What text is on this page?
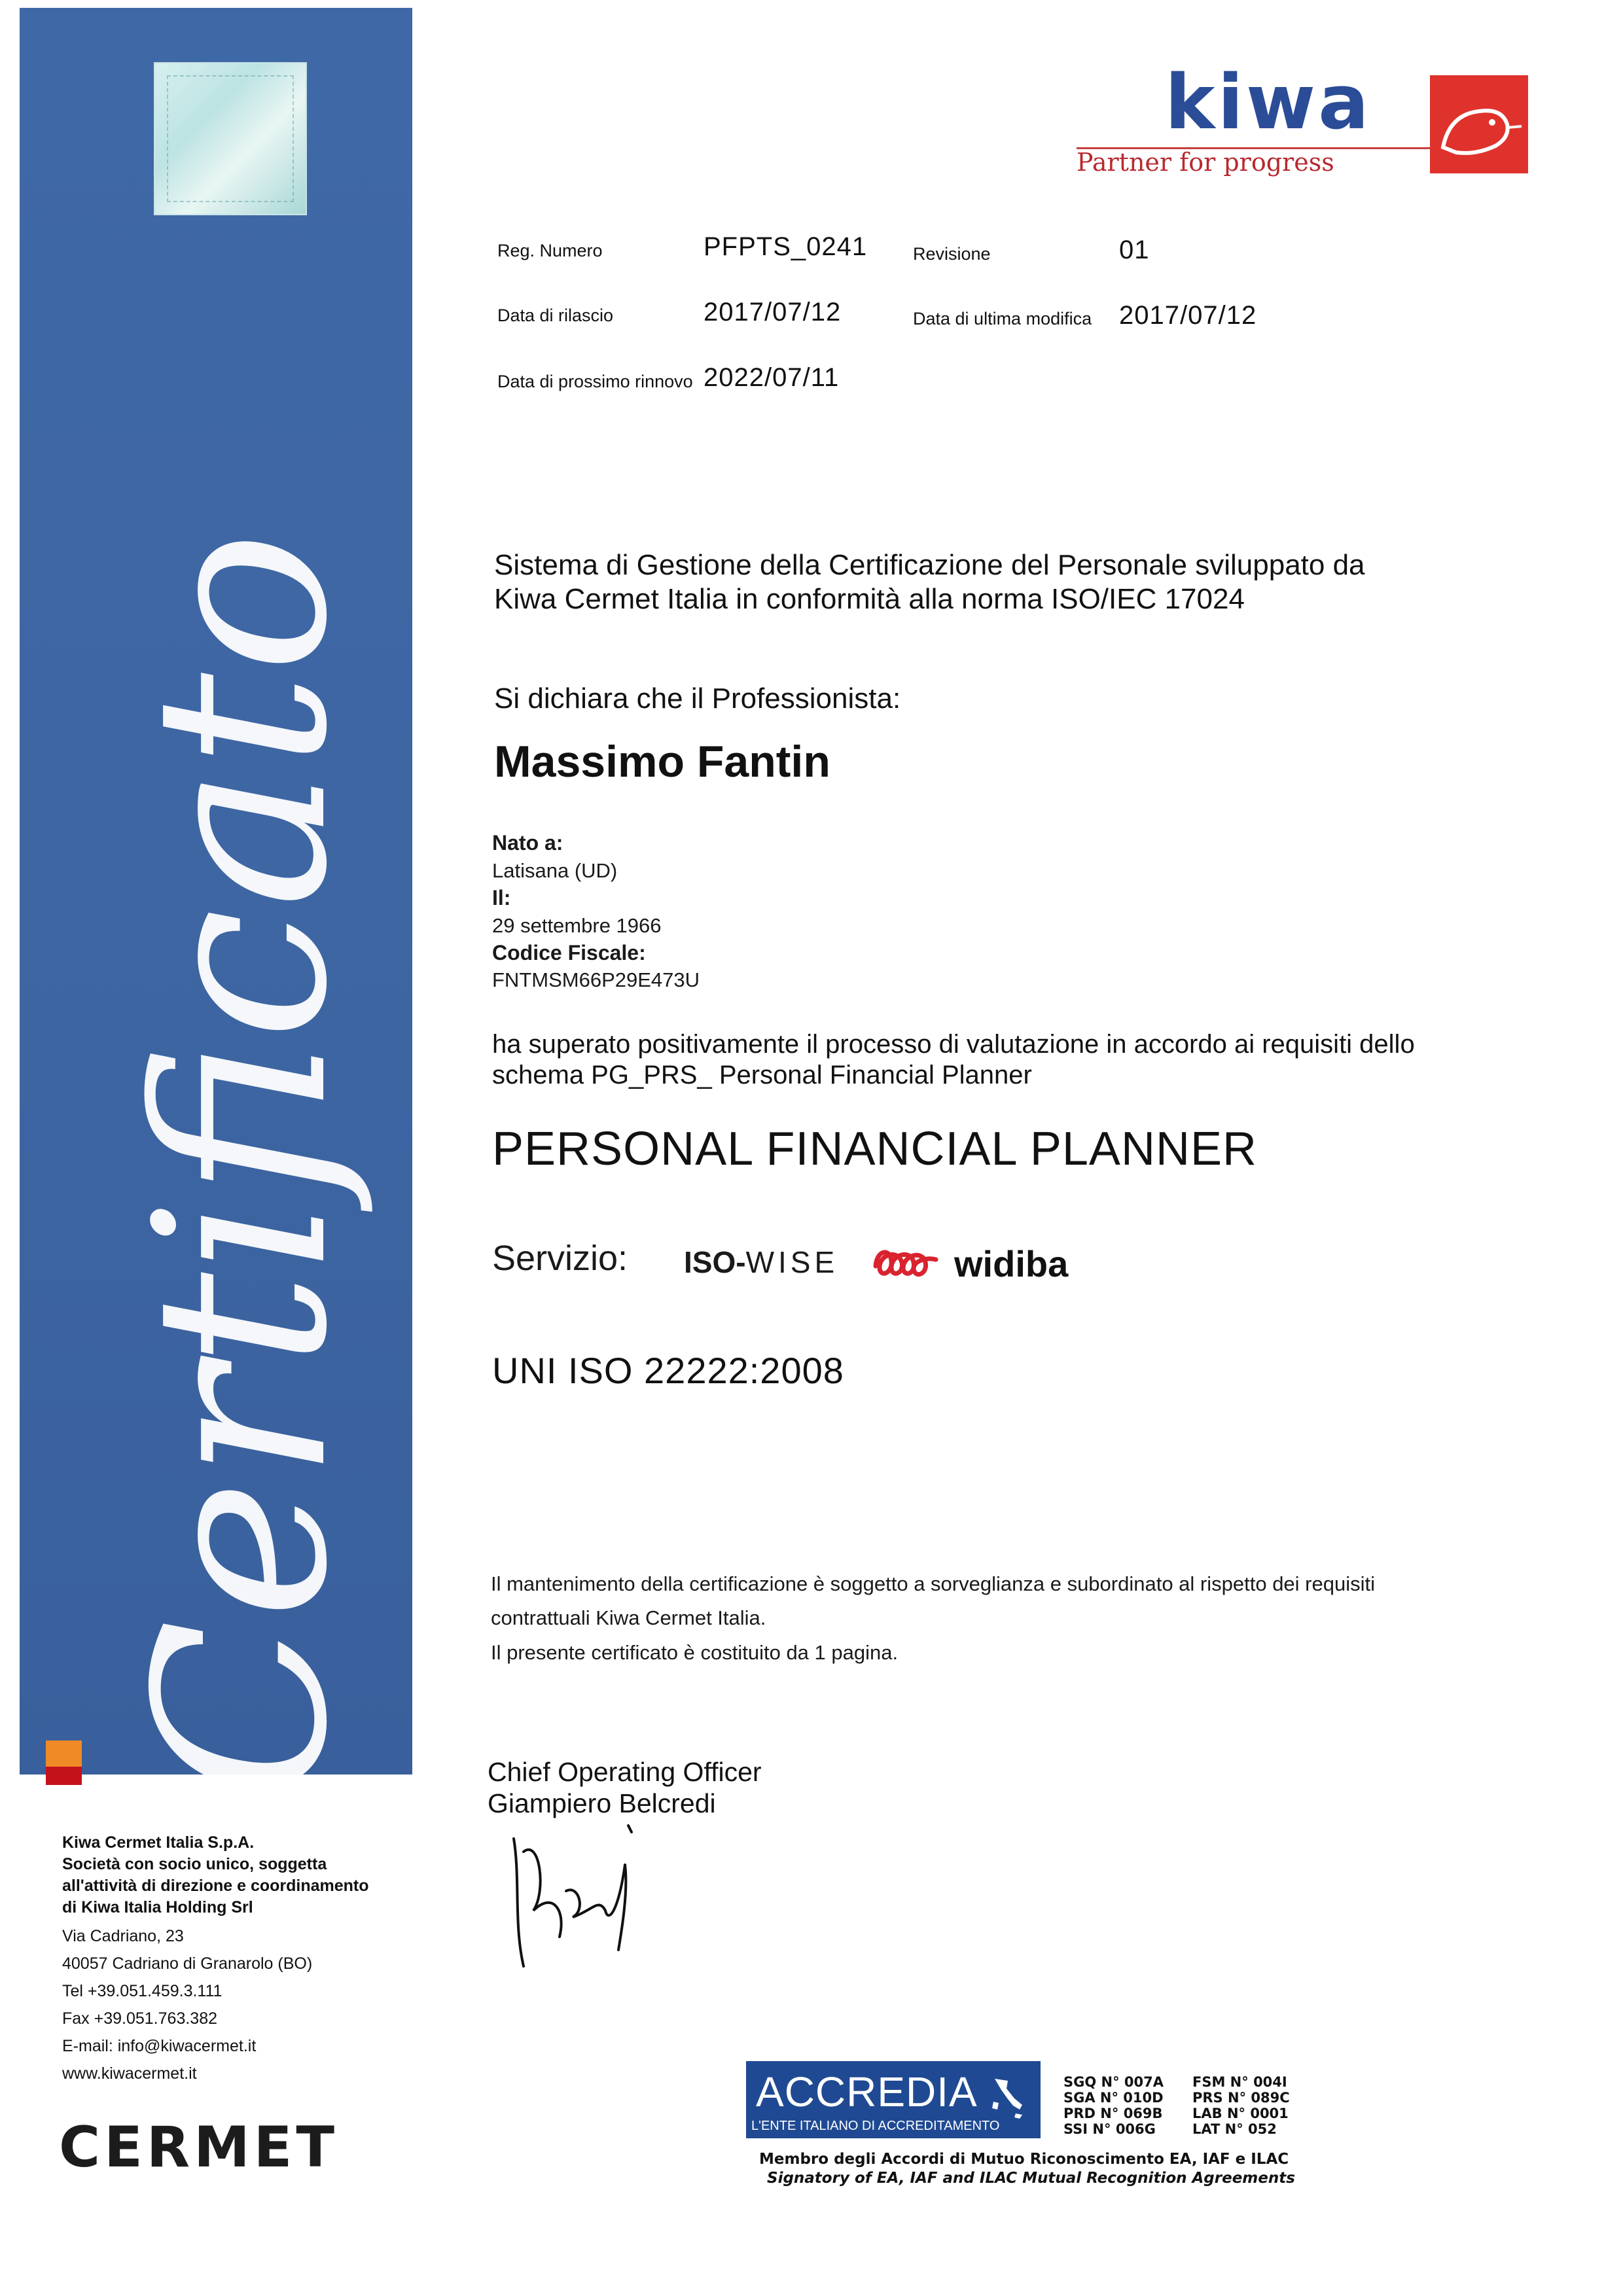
Certificato
kiwa
Partner for progress
Reg. Numero	PFPTS_0241	Revisione	01
Data di rilascio	2017/07/12	Data di ultima modifica 2017/07/12
Data di prossimo rinnovo 2022/07/11
Sistema di Gestione della Certificazione del Personale sviluppato da
Kiwa Cermet Italia in conformità alla norma ISO/IEC 17024
Si dichiara che il Professionista:
Massimo Fantin
Nato a:
Latisana (UD)
Il:
29 settembre 1966
Codice Fiscale:
FNTMSM66P29E473U
ha superato positivamente il processo di valutazione in accordo ai requisiti dello
schema PG_PRS_ Personal Financial Planner
PERSONAL FINANCIAL PLANNER
Servizio: ISO-WISE	widiba
UNI ISO 22222:2008
Il mantenimento della certificazione è soggetto a sorveglianza e subordinato al rispetto dei requisiti
contrattuali Kiwa Cermet Italia.
Il presente certificato è costituito da 1 pagina.
Chief Operating Officer
Giampiero Belcredi
Kiwa Cermet Italia S.p.A.
Società con socio unico, soggetta
all'attività di direzione e coordinamento
di Kiwa Italia Holding Srl
Via Cadriano, 23
40057 Cadriano di Granarolo (BO)
Tel +39.051.459.3.111
Fax +39.051.763.382
E-mail: info@kiwacermet.it
www.kiwacermet.it
CERMET
ACCREDIA
L'ENTE ITALIANO DI ACCREDITAMENTO
SGQ N° 007A
SGA N° 010D
PRD N° 069B
SSI N° 006G
FSM N° 004I
PRS N° 089C
LAB N° 0001
LAT N° 052
Membro degli Accordi di Mutuo Riconoscimento EA, IAF e ILAC
Signatory of EA, IAF and ILAC Mutual Recognition Agreements
